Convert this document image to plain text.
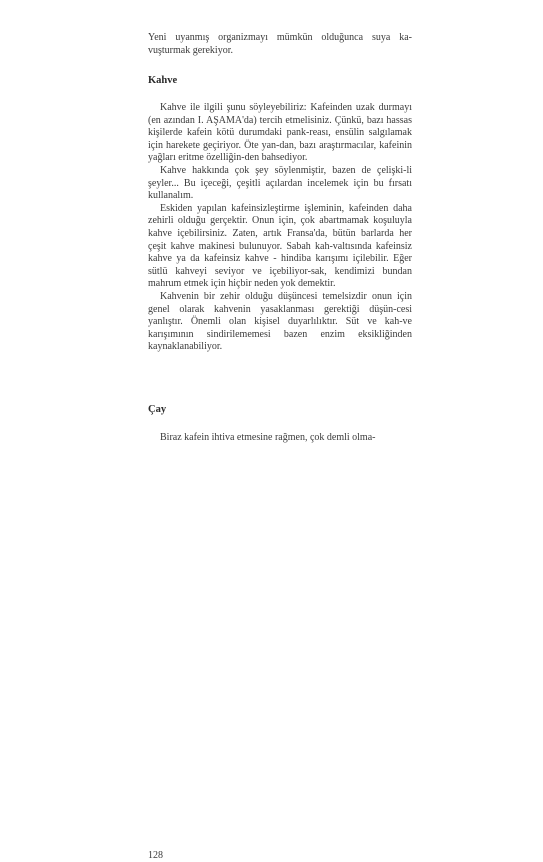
Yeni uyanmış organizmayı mümkün olduğunca suya ka-vuşturmak gerekiyor.

Kahve

Kahve ile ilgili şunu söyleyebiliriz: Kafeinden uzak durmayı (en azından I. AŞAMA'da) tercih etmelisiniz. Çünkü, bazı hassas kişilerde kafein kötü durumdaki pank-reası, ensülin salgılamak için harekete geçiriyor. Öte yan-dan, bazı araştırmacılar, kafeinin yağları eritme özelliğin-den bahsediyor.

Kahve hakkında çok şey söylenmiştir, bazen de çelişki-li şeyler... Bu içeceği, çeşitli açılardan incelemek için bu fırsatı kullanalım.

Eskiden yapılan kafeinsizleştirme işleminin, kafeinden daha zehirli olduğu gerçektir. Onun için, çok abartmamak koşuluyla kahve içebilirsiniz. Zaten, artık Fransa'da, bütün barlarda her çeşit kahve makinesi bulunuyor. Sabah kah-valtısında kafeinsiz kahve ya da kafeinsiz kahve - hindiba karışımı içilebilir. Eğer sütlü kahveyi seviyor ve içebiliyor-sak, kendimizi bundan mahrum etmek için hiçbir neden yok demektir.

Kahvenin bir zehir olduğu düşüncesi temelsizdir onun için genel olarak kahvenin yasaklanması gerektiği düşün-cesi yanlıştır. Önemli olan kişisel duyarlılıktır. Süt ve kah-ve karışımının sindirilememesi bazen enzim eksikliğinden kaynaklanabiliyor.

Çay

Biraz kafein ihtiva etmesine rağmen, çok demli olma-

128
